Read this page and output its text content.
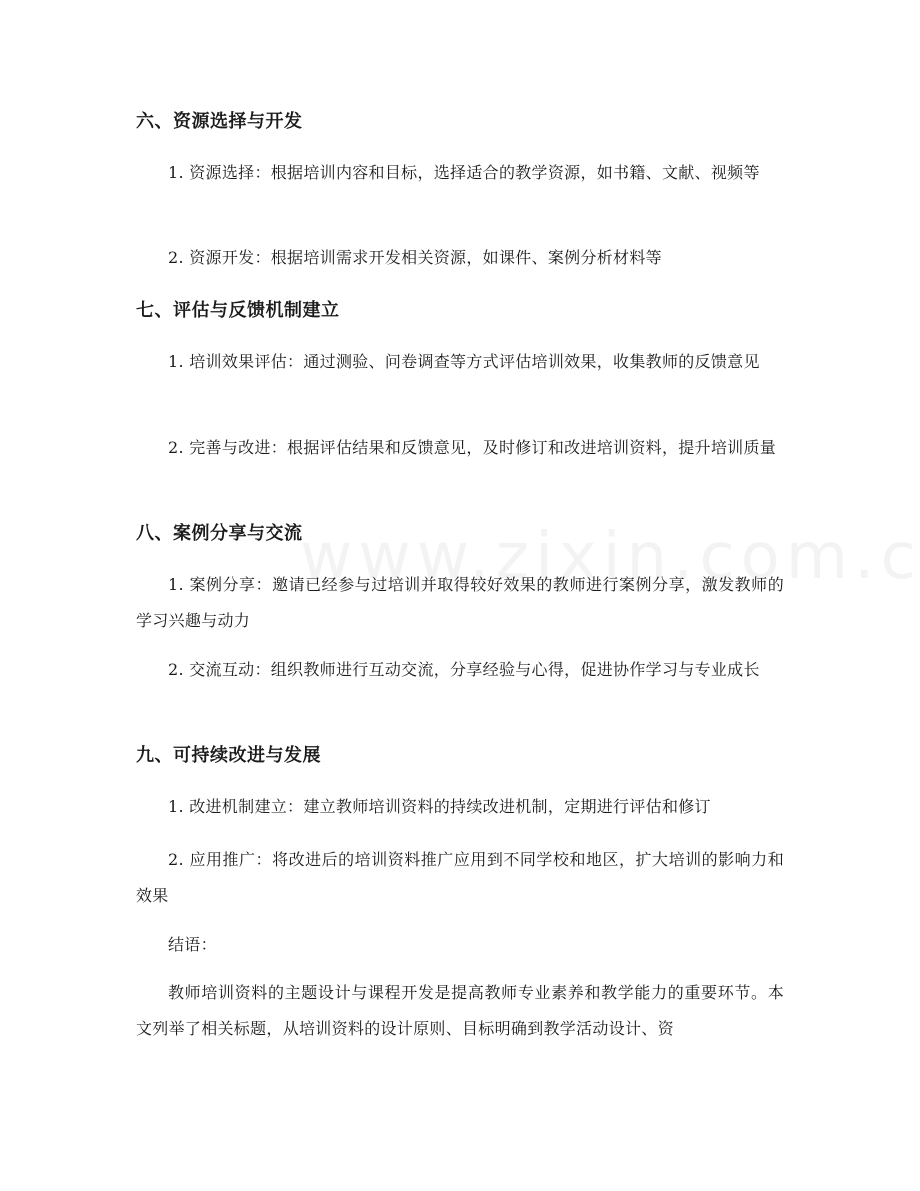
六、资源选择与开发

1. 资源选择：根据培训内容和目标，选择适合的教学资源，如书籍、文献、视频等

2. 资源开发：根据培训需求开发相关资源，如课件、案例分析材料等

七、评估与反馈机制建立

1. 培训效果评估：通过测验、问卷调查等方式评估培训效果，收集教师的反馈意见

2. 完善与改进：根据评估结果和反馈意见，及时修订和改进培训资料，提升培训质量

八、案例分享与交流

1. 案例分享：邀请已经参与过培训并取得较好效果的教师进行案例分享，激发教师的学习兴趣与动力

2. 交流互动：组织教师进行互动交流，分享经验与心得，促进协作学习与专业成长

九、可持续改进与发展

1. 改进机制建立：建立教师培训资料的持续改进机制，定期进行评估和修订

2. 应用推广：将改进后的培训资料推广应用到不同学校和地区，扩大培训的影响力和效果

结语：

教师培训资料的主题设计与课程开发是提高教师专业素养和教学能力的重要环节。本文列举了相关标题，从培训资料的设计原则、目标明确到教学活动设计、资
